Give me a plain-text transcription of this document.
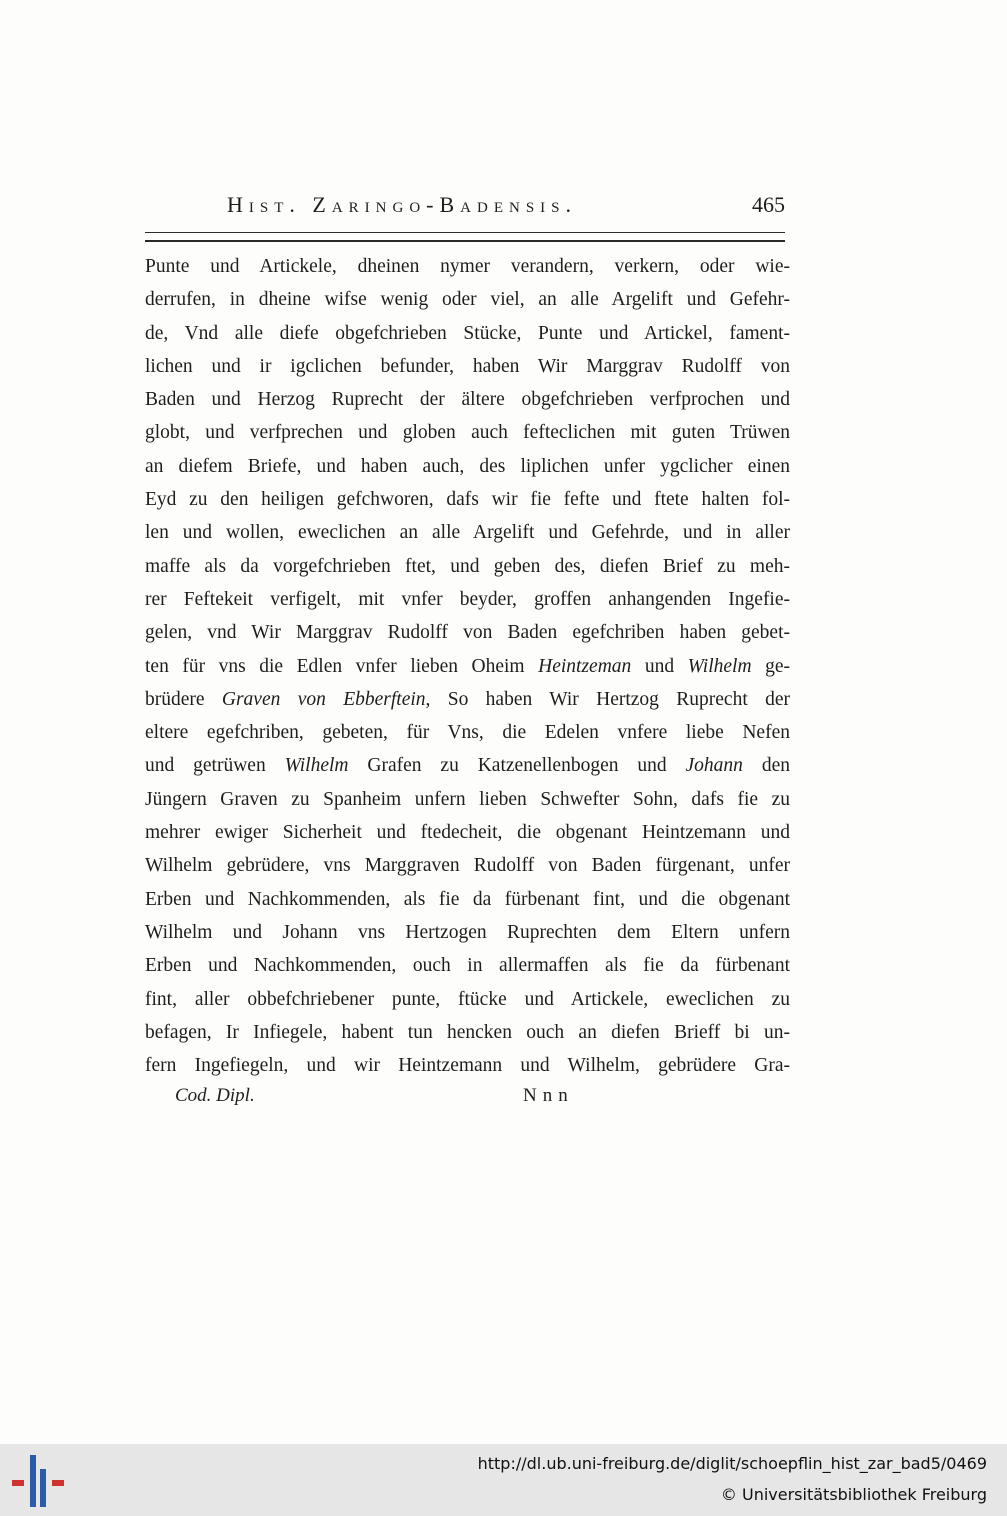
Hist. Zaringo-Badensis.	465
Punte und Artickele, dheinen nymer verandern, verkern, oder wie-
derrufen, in dheine wifse wenig oder viel, an alle Argelift und Gefehr-
de, Vnd alle diefe obgefchrieben Stücke, Punte und Artickel, fament-
lichen und ir igclichen befunder, haben Wir Marggrav Rudolff von
Baden und Herzog Ruprecht der ältere obgefchrieben verfprochen und
globt, und verfprechen und globen auch fefteclichen mit guten Trüwen
an diefem Briefe, und haben auch, des liplichen unfer ygclicher einen
Eyd zu den heiligen gefchworen, dafs wir fie fefte und ftete halten fol-
len und wollen, eweclichen an alle Argelift und Gefehrde, und in aller
maffe als da vorgefchrieben ftet, und geben des, diefen Brief zu meh-
rer Feftekeit verfigelt, mit vnfer beyder, groffen anhangenden Ingefie-
gelen, vnd Wir Marggrav Rudolff von Baden egefchriben haben gebet-
ten für vns die Edlen vnfer lieben Oheim Heintzeman und Wilhelm ge-
brüdere Graven von Ebberftein, So haben Wir Hertzog Ruprecht der
eltere egefchriben, gebeten, für Vns, die Edelen vnfere liebe Nefen
und getrüwen Wilhelm Grafen zu Katzenellenbogen und Johann den
Jüngern Graven zu Spanheim unfern lieben Schwefter Sohn, dafs fie zu
mehrer ewiger Sicherheit und ftedecheit, die obgenant Heintzemann und
Wilhelm gebrüdere, vns Marggraven Rudolff von Baden fürgenant, unfer
Erben und Nachkommenden, als fie da fürbenant fint, und die obgenant
Wilhelm und Johann vns Hertzogen Ruprechten dem Eltern unfern
Erben und Nachkommenden, ouch in allermaffen als fie da fürbenant
fint, aller obbefchriebener punte, ftücke und Artickele, eweclichen zu
befagen, Ir Infiegele, habent tun hencken ouch an diefen Brieff bi un-
fern Ingefiegeln, und wir Heintzemann und Wilhelm, gebrüdere Gra-
Cod. Dipl.	Nnn
http://dl.ub.uni-freiburg.de/diglit/schoepflin_hist_zar_bad5/0469
© Universitätsbibliothek Freiburg
